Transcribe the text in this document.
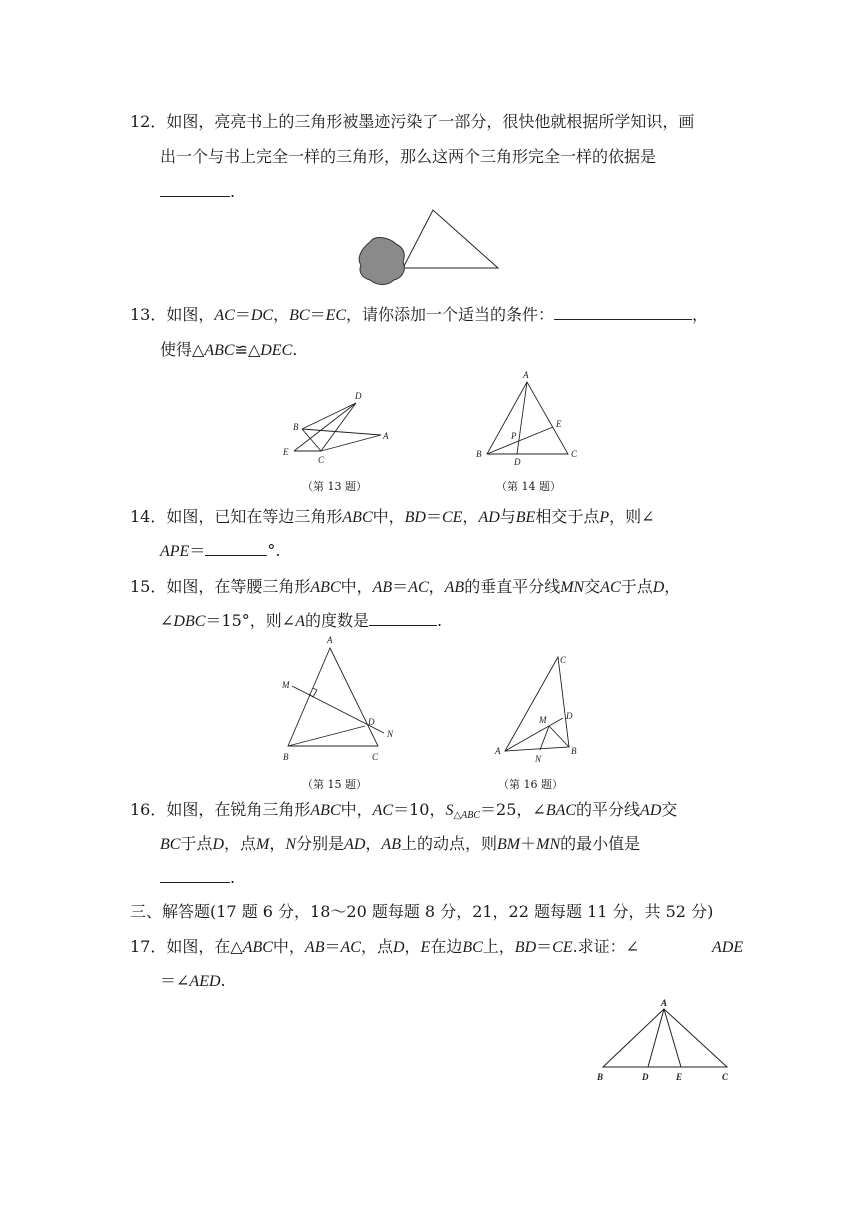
12．如图，亮亮书上的三角形被墨迹污染了一部分，很快他就根据所学知识，画
出一个与书上完全一样的三角形，那么这两个三角形完全一样的依据是
.
13．如图，AC＝DC，BC＝EC，请你添加一个适当的条件：	，
使得△ABC≌△DEC.
D
B
A
E
C
（第 13 题）
A
E
P
B
D
C
（第 14 题）
14．如图，已知在等边三角形ABC中，BD＝CE，AD与BE相交于点P，则∠
APE＝	°.
15．如图，在等腰三角形ABC中，AB＝AC，AB的垂直平分线MN交AC于点D，
∠DBC＝15°，则∠A的度数是	.
A
M
D
N
B	C
（第 15 题）
C
M D
A
N
B
（第 16 题）
16．如图，在锐角三角形ABC中，AC＝10，$S_{\triangle ABC}=25$，∠BAC的平分线AD交
BC于点D，点M，N分别是AD，AB上的动点，则BM＋MN的最小值是
.
三、解答题(17 题 6 分，18～20 题每题 8 分，21，22 题每题 11 分，共 52 分)
17．如图，在△ABC中，AB＝AC，点D，E在边BC上，BD＝CE.求证：∠	ADE
＝∠AED.
A
B	D	E	C
